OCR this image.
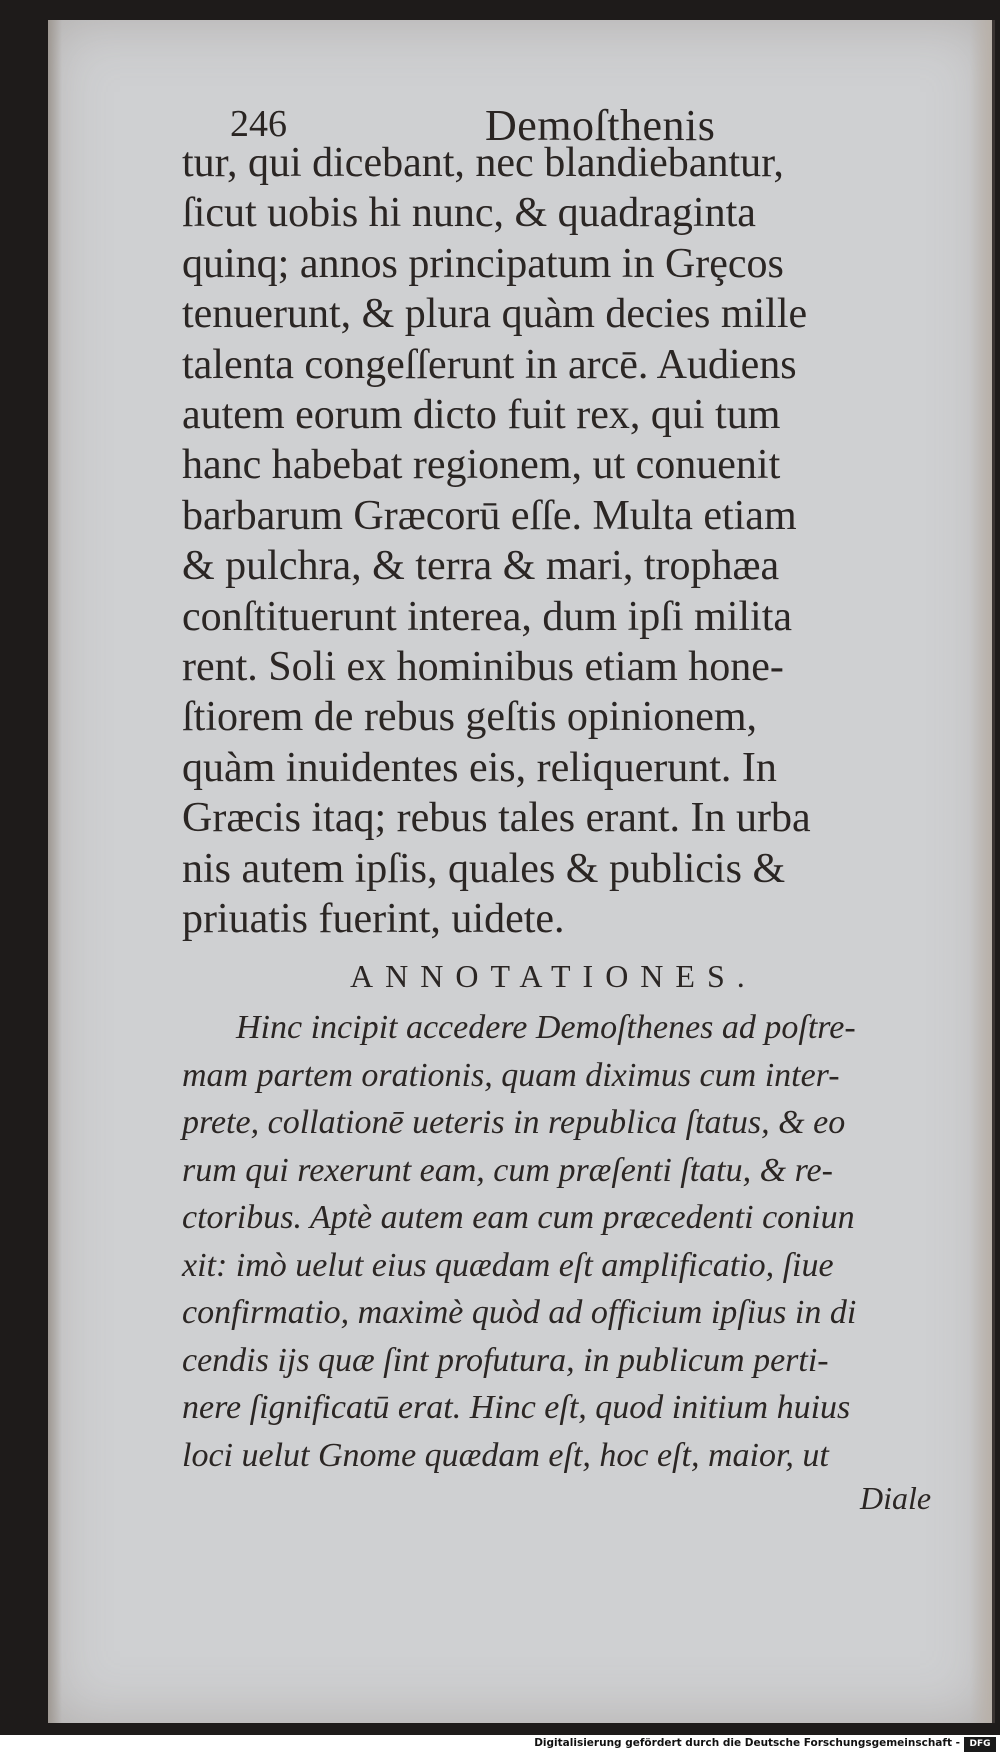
246	Demoſthenis
tur, qui dicebant, nec blandiebantur,
ſicut uobis hi nunc, & quadraginta
quinq; annos principatum in Grȩcos
tenuerunt, & plura quàm decies mille
talenta congeſſerunt in arcē. Audiens
autem eorum dicto fuit rex, qui tum
hanc habebat regionem, ut conuenit
barbarum Græcorū eſſe. Multa etiam
& pulchra, & terra & mari, trophæa
conſtituerunt interea, dum ipſi milita
rent. Soli ex hominibus etiam hone-
ſtiorem de rebus geſtis opinionem,
quàm inuidentes eis, reliquerunt. In
Græcis itaq; rebus tales erant. In urba
nis autem ipſis, quales & publicis &
priuatis fuerint, uidete.
ANNOTATIONES.
Hinc incipit accedere Demoſthenes ad poſtre-
mam partem orationis, quam diximus cum inter-
prete, collationē ueteris in republica ſtatus, & eo
rum qui rexerunt eam, cum præſenti ſtatu, & re-
ctoribus. Aptè autem eam cum præcedenti coniun
xit: imò uelut eius quædam eſt amplificatio, ſiue
confirmatio, maximè quòd ad officium ipſius in di
cendis ijs quæ ſint profutura, in publicum perti-
nere ſignificatū erat. Hinc eſt, quod initium huius
loci uelut Gnome quædam eſt, hoc eſt, maior, ut
Diale
Digitalisierung gefördert durch die Deutsche Forschungsgemeinschaft -	DFG
